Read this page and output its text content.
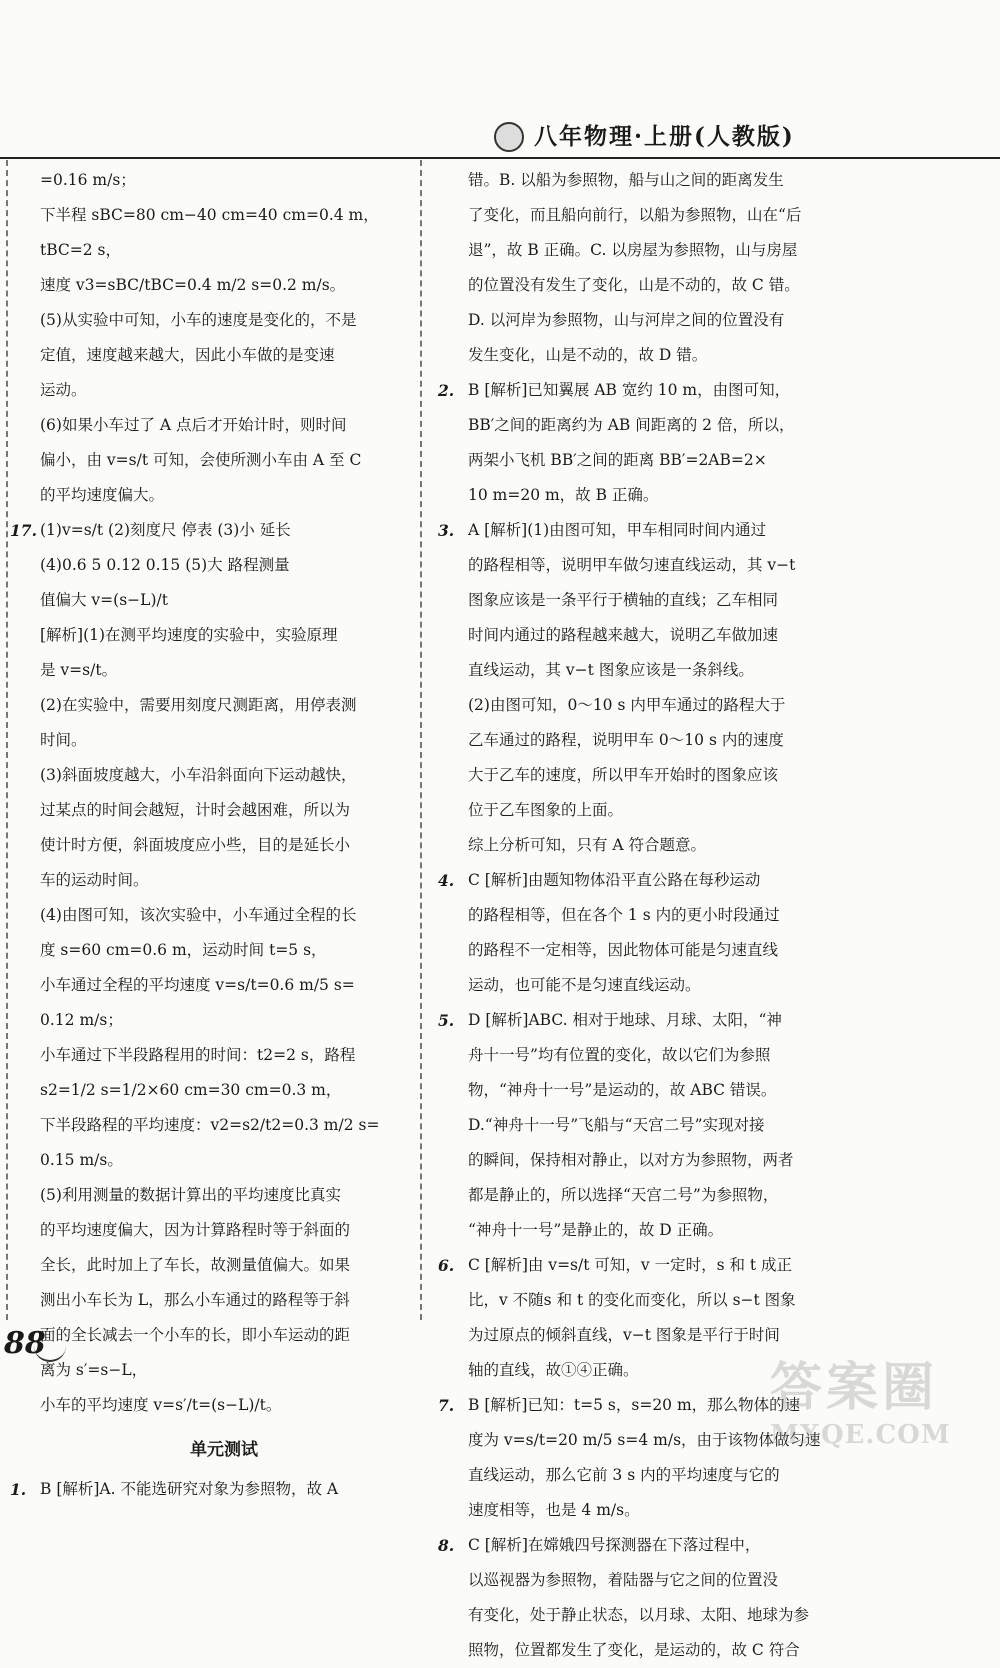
八年物理·上册(人教版)
=0.16 m/s；
下半程 sBC=80 cm−40 cm=40 cm=0.4 m，
tBC=2 s，
速度 v3=sBC/tBC=0.4 m/2 s=0.2 m/s。
(5)从实验中可知，小车的速度是变化的，不是
定值，速度越来越大，因此小车做的是变速
运动。
(6)如果小车过了 A 点后才开始计时，则时间
偏小，由 v=s/t 可知，会使所测小车由 A 至 C
的平均速度偏大。
17. (1)v=s/t (2)刻度尺 停表 (3)小 延长
(4)0.6 5 0.12 0.15 (5)大 路程测量
值偏大 v=(s−L)/t
[解析](1)在测平均速度的实验中，实验原理
是 v=s/t。
(2)在实验中，需要用刻度尺测距离，用停表测
时间。
(3)斜面坡度越大，小车沿斜面向下运动越快，
过某点的时间会越短，计时会越困难，所以为
使计时方便，斜面坡度应小些，目的是延长小
车的运动时间。
(4)由图可知，该次实验中，小车通过全程的长
度 s=60 cm=0.6 m，运动时间 t=5 s，
小车通过全程的平均速度 v=s/t=0.6 m/5 s=
0.12 m/s；
小车通过下半段路程用的时间：t2=2 s，路程
s2=1/2 s=1/2×60 cm=30 cm=0.3 m，
下半段路程的平均速度：v2=s2/t2=0.3 m/2 s=
0.15 m/s。
(5)利用测量的数据计算出的平均速度比真实
的平均速度偏大，因为计算路程时等于斜面的
全长，此时加上了车长，故测量值偏大。如果
测出小车长为 L，那么小车通过的路程等于斜
面的全长减去一个小车的长，即小车运动的距
离为 s′=s−L，
小车的平均速度 v=s′/t=(s−L)/t。
单元测试
1. B [解析]A. 不能选研究对象为参照物，故 A
错。B. 以船为参照物，船与山之间的距离发生
了变化，而且船向前行，以船为参照物，山在“后
退”，故 B 正确。C. 以房屋为参照物，山与房屋
的位置没有发生了变化，山是不动的，故 C 错。
D. 以河岸为参照物，山与河岸之间的位置没有
发生变化，山是不动的，故 D 错。
2. B [解析]已知翼展 AB 宽约 10 m，由图可知，
BB′之间的距离约为 AB 间距离的 2 倍，所以，
两架小飞机 BB′之间的距离 BB′=2AB=2×
10 m=20 m，故 B 正确。
3. A [解析](1)由图可知，甲车相同时间内通过
的路程相等，说明甲车做匀速直线运动，其 v−t
图象应该是一条平行于横轴的直线；乙车相同
时间内通过的路程越来越大，说明乙车做加速
直线运动，其 v−t 图象应该是一条斜线。
(2)由图可知，0～10 s 内甲车通过的路程大于
乙车通过的路程，说明甲车 0～10 s 内的速度
大于乙车的速度，所以甲车开始时的图象应该
位于乙车图象的上面。
综上分析可知，只有 A 符合题意。
4. C [解析]由题知物体沿平直公路在每秒运动
的路程相等，但在各个 1 s 内的更小时段通过
的路程不一定相等，因此物体可能是匀速直线
运动，也可能不是匀速直线运动。
5. D [解析]ABC. 相对于地球、月球、太阳，“神
舟十一号”均有位置的变化，故以它们为参照
物，“神舟十一号”是运动的，故 ABC 错误。
D.“神舟十一号”飞船与“天宫二号”实现对接
的瞬间，保持相对静止，以对方为参照物，两者
都是静止的，所以选择“天宫二号”为参照物，
“神舟十一号”是静止的，故 D 正确。
6. C [解析]由 v=s/t 可知，v 一定时，s 和 t 成正
比，v 不随s 和 t 的变化而变化，所以 s−t 图象
为过原点的倾斜直线，v−t 图象是平行于时间
轴的直线，故①④正确。
7. B [解析]已知：t=5 s，s=20 m，那么物体的速
度为 v=s/t=20 m/5 s=4 m/s，由于该物体做匀速
直线运动，那么它前 3 s 内的平均速度与它的
速度相等，也是 4 m/s。
8. C [解析]在嫦娥四号探测器在下落过程中，
以巡视器为参照物，着陆器与它之间的位置没
有变化，处于静止状态，以月球、太阳、地球为参
照物，位置都发生了变化，是运动的，故 C 符合
88
答案圈
MXQE.COM
